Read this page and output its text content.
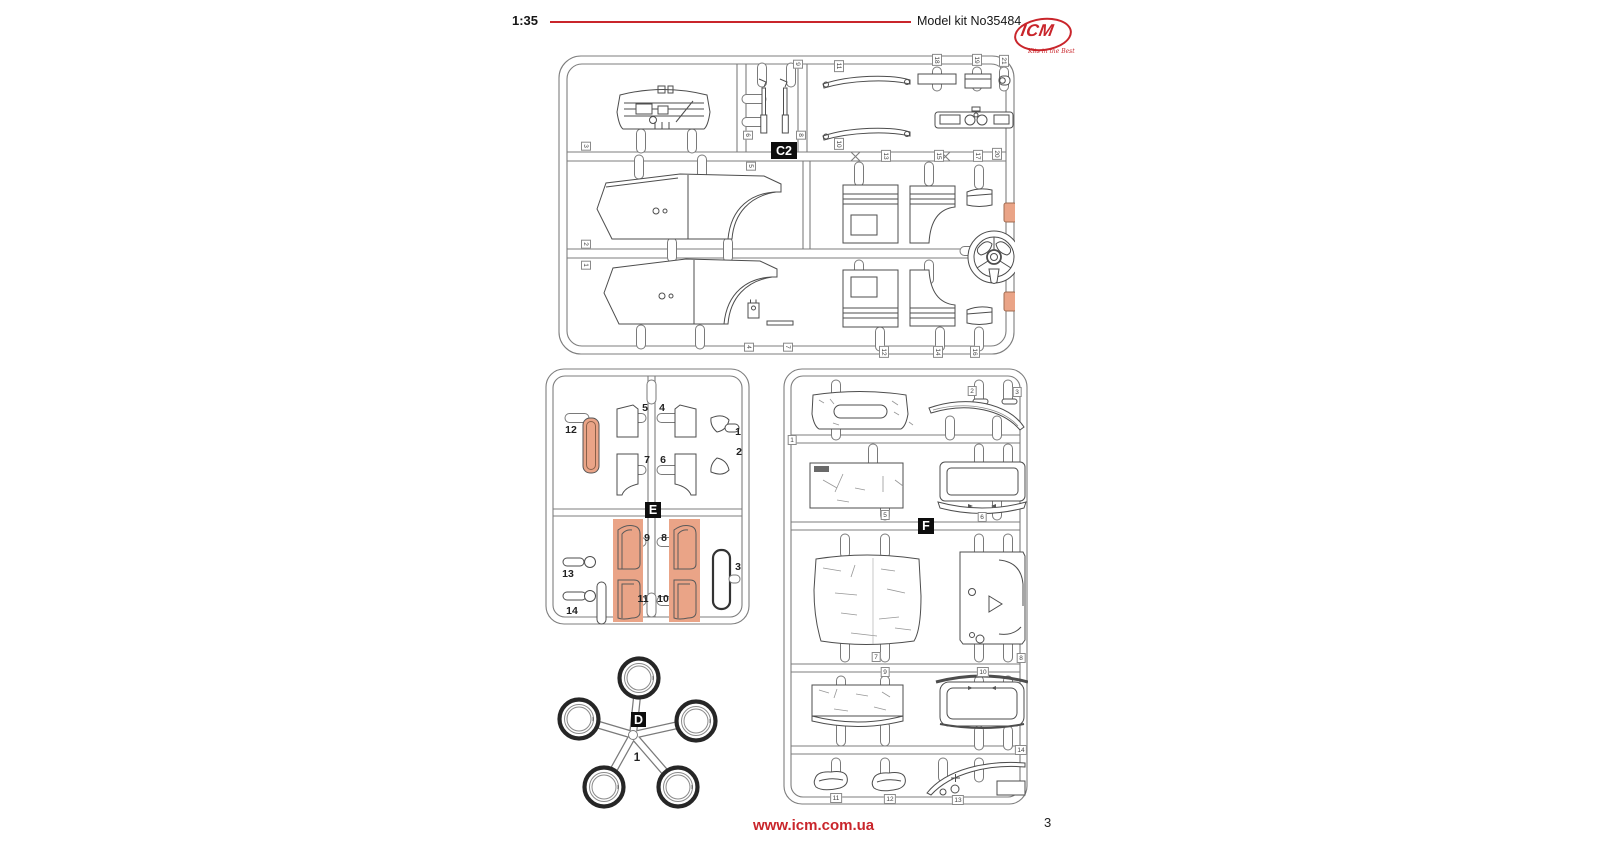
1:35	Model kit No35484
ICM
Kits in the Best
C2
9	11
18	19	21
6	8
5
10
13	15	17 20
3
2
1
4	7
12	14	16
E
12
5 4
7 6
1
2
9 8
11 10
3
13
14
F
1
2	3
5	6
7	8
9	10
14
11	12	13
D
1
www.icm.com.ua	3
